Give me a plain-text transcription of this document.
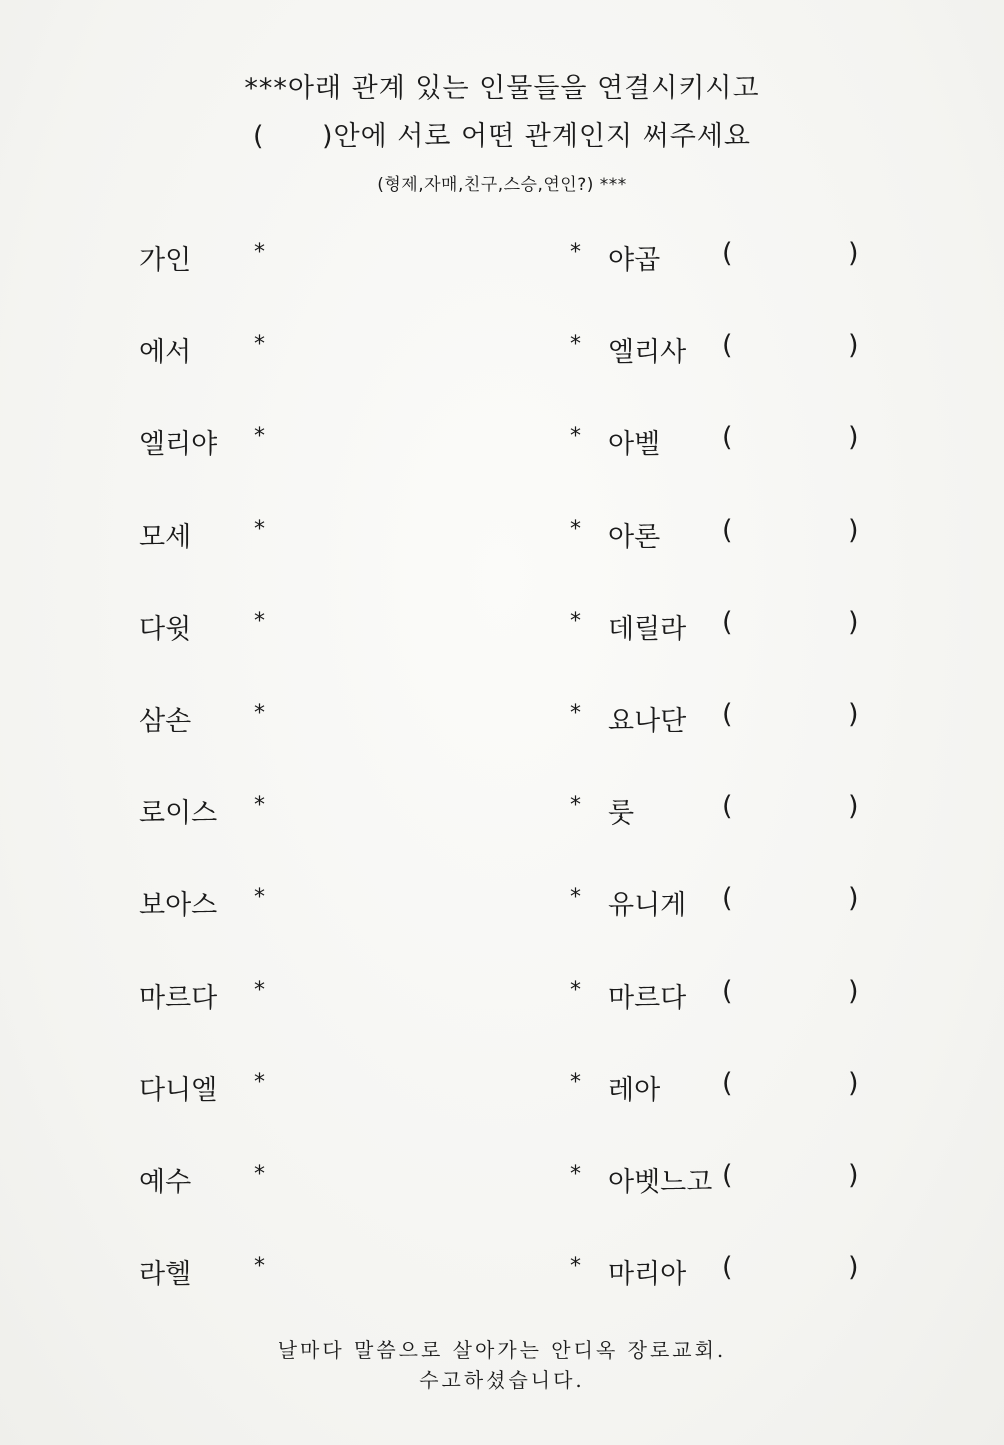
***아래 관계 있는 인물들을 연결시키시고
(      )안에 서로 어떤 관계인지 써주세요
(형제,자매,친구,스승,연인?) ***
가인	*	* 야곱 (	)
에서	*	* 엘리사 (	)
엘리야 *	* 아벨 (	)
모세	*	* 아론 (	)
다윗	*	* 데릴라 (	)
삼손	*	* 요나단 (	)
로이스 *	* 룻	(	)
보아스 *	* 유니게 (	)
마르다 *	* 마르다 (	)
다니엘 *	* 레아 (	)
예수	*	* 아벳느고 (	)
라헬	*	* 마리아 (	)
날마다 말씀으로 살아가는 안디옥 장로교회.
수고하셨습니다.
